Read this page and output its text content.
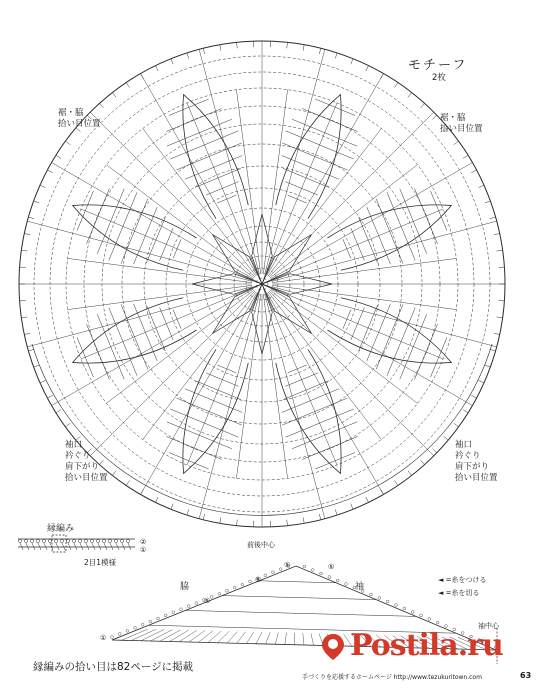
モチーフ
2枚
裾・脇
拾い目位置
裾・脇
拾い目位置
袖口
衿ぐり
肩下がり
拾い目位置
袖口
衿ぐり
肩下がり
拾い目位置
前後中心
縁編み
2目1模様
②
①
脇	袖
⑤
⑤
⑤
①
⑤
袖中心
◄ =糸をつける
◄ =糸を切る
縁編みの拾い目は82ページに掲載
手づくりを応援するホームページ http://www.tezukuritown.com	63
Postila.ru
